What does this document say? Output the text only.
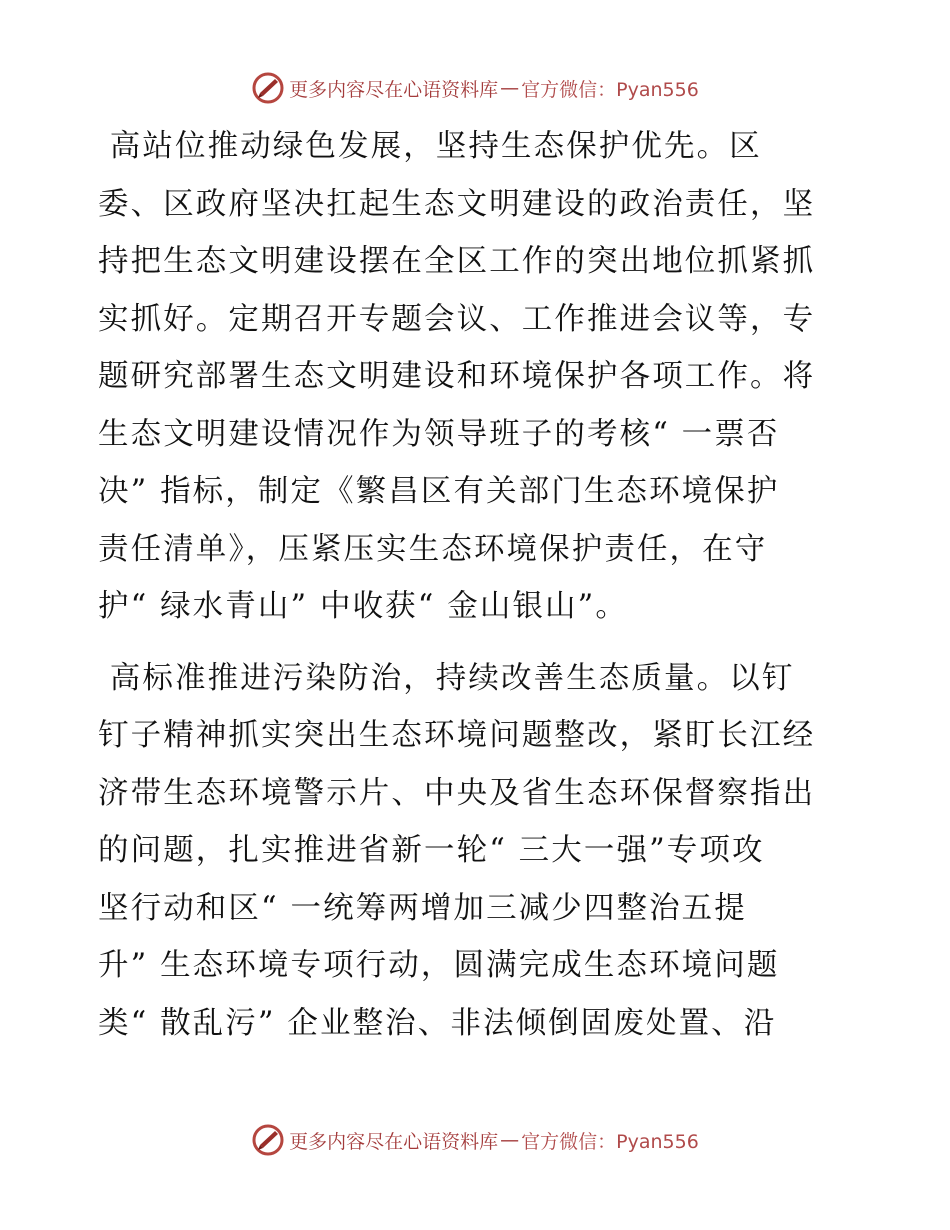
更多内容尽在心语资料库 — 官方微信：Pyan556
高站位推动绿色发展，坚持生态保护优先。区
委、区政府坚决扛起生态文明建设的政治责任，坚
持把生态文明建设摆在全区工作的突出地位抓紧抓
实抓好。定期召开专题会议、工作推进会议等，专
题研究部署生态文明建设和环境保护各项工作。将
生态文明建设情况作为领导班子的考核“ 一票否
决” 指标，制定《繁昌区有关部门生态环境保护
责任清单》，压紧压实生态环境保护责任，在守
护“ 绿水青山” 中收获“ 金山银山”。
高标准推进污染防治，持续改善生态质量。以钉
钉子精神抓实突出生态环境问题整改，紧盯长江经
济带生态环境警示片、中央及省生态环保督察指出
的问题，扎实推进省新一轮“ 三大一强”专项攻
坚行动和区“ 一统筹两增加三减少四整治五提
升” 生态环境专项行动，圆满完成生态环境问题
类“ 散乱污” 企业整治、非法倾倒固废处置、沿
更多内容尽在心语资料库 — 官方微信：Pyan556
